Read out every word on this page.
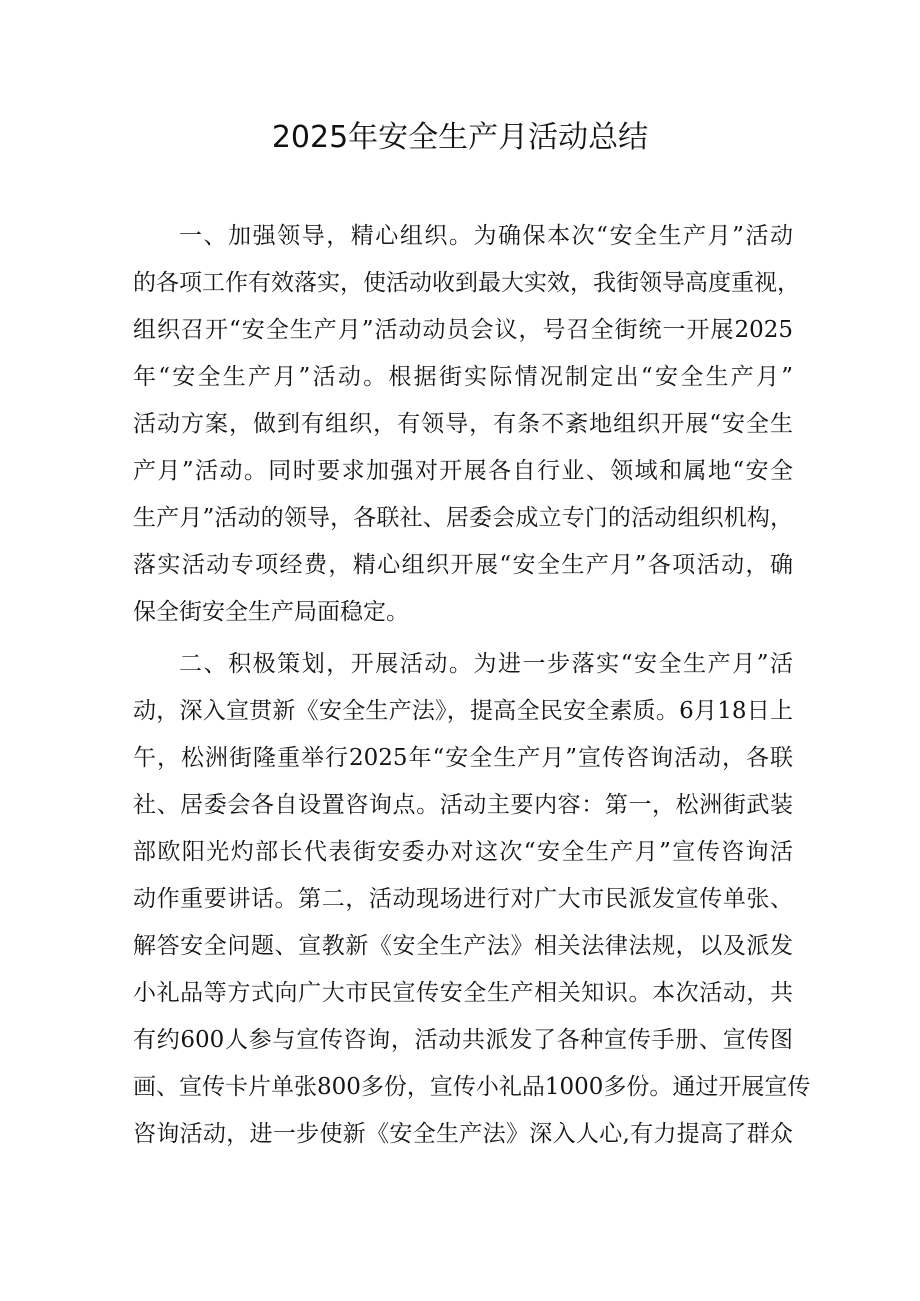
2025年安全生产月活动总结
一、加强领导，精心组织。为确保本次“安全生产月”活动
的各项工作有效落实，使活动收到最大实效，我街领导高度重视，
组织召开“安全生产月”活动动员会议，号召全街统一开展2025
年“安全生产月”活动。根据街实际情况制定出“安全生产月”
活动方案，做到有组织，有领导，有条不紊地组织开展“安全生
产月”活动。同时要求加强对开展各自行业、领域和属地“安全
生产月”活动的领导，各联社、居委会成立专门的活动组织机构，
落实活动专项经费，精心组织开展“安全生产月”各项活动，确
保全街安全生产局面稳定。
二、积极策划，开展活动。为进一步落实“安全生产月”活
动，深入宣贯新《安全生产法》，提高全民安全素质。6月18日上
午，松洲街隆重举行2025年“安全生产月”宣传咨询活动，各联
社、居委会各自设置咨询点。活动主要内容：第一，松洲街武装
部欧阳光灼部长代表街安委办对这次“安全生产月”宣传咨询活
动作重要讲话。第二，活动现场进行对广大市民派发宣传单张、
解答安全问题、宣教新《安全生产法》相关法律法规，以及派发
小礼品等方式向广大市民宣传安全生产相关知识。本次活动，共
有约600人参与宣传咨询，活动共派发了各种宣传手册、宣传图
画、宣传卡片单张800多份，宣传小礼品1000多份。通过开展宣传
咨询活动，进一步使新《安全生产法》深入人心,有力提高了群众
